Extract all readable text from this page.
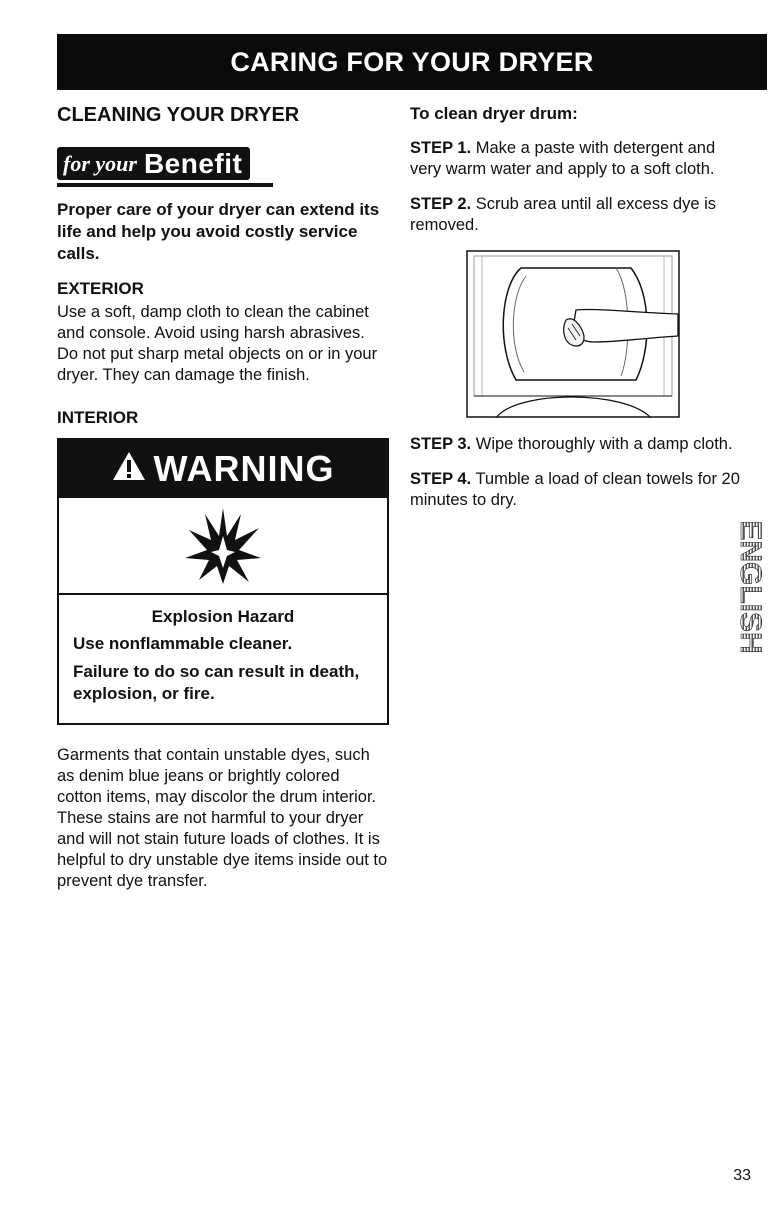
CARING FOR YOUR DRYER
CLEANING YOUR DRYER
for your Benefit

Proper care of your dryer can extend its life and help you avoid costly service calls.

EXTERIOR

Use a soft, damp cloth to clean the cabinet and console. Avoid using harsh abrasives. Do not put sharp metal objects on or in your dryer. They can damage the finish.

INTERIOR
WARNING
Explosion Hazard
Use nonflammable cleaner.
Failure to do so can result in death, explosion, or fire.

Garments that contain unstable dyes, such as denim blue jeans or brightly colored cotton items, may discolor the drum interior. These stains are not harmful to your dryer and will not stain future loads of clothes. It is helpful to dry unstable dye items inside out to prevent dye transfer.

To clean dryer drum:

STEP 1. Make a paste with detergent and very warm water and apply to a soft cloth.

STEP 2. Scrub area until all excess dye is removed.

STEP 3. Wipe thoroughly with a damp cloth.

STEP 4. Tumble a load of clean towels for 20 minutes to dry.

ENGLISH
33
